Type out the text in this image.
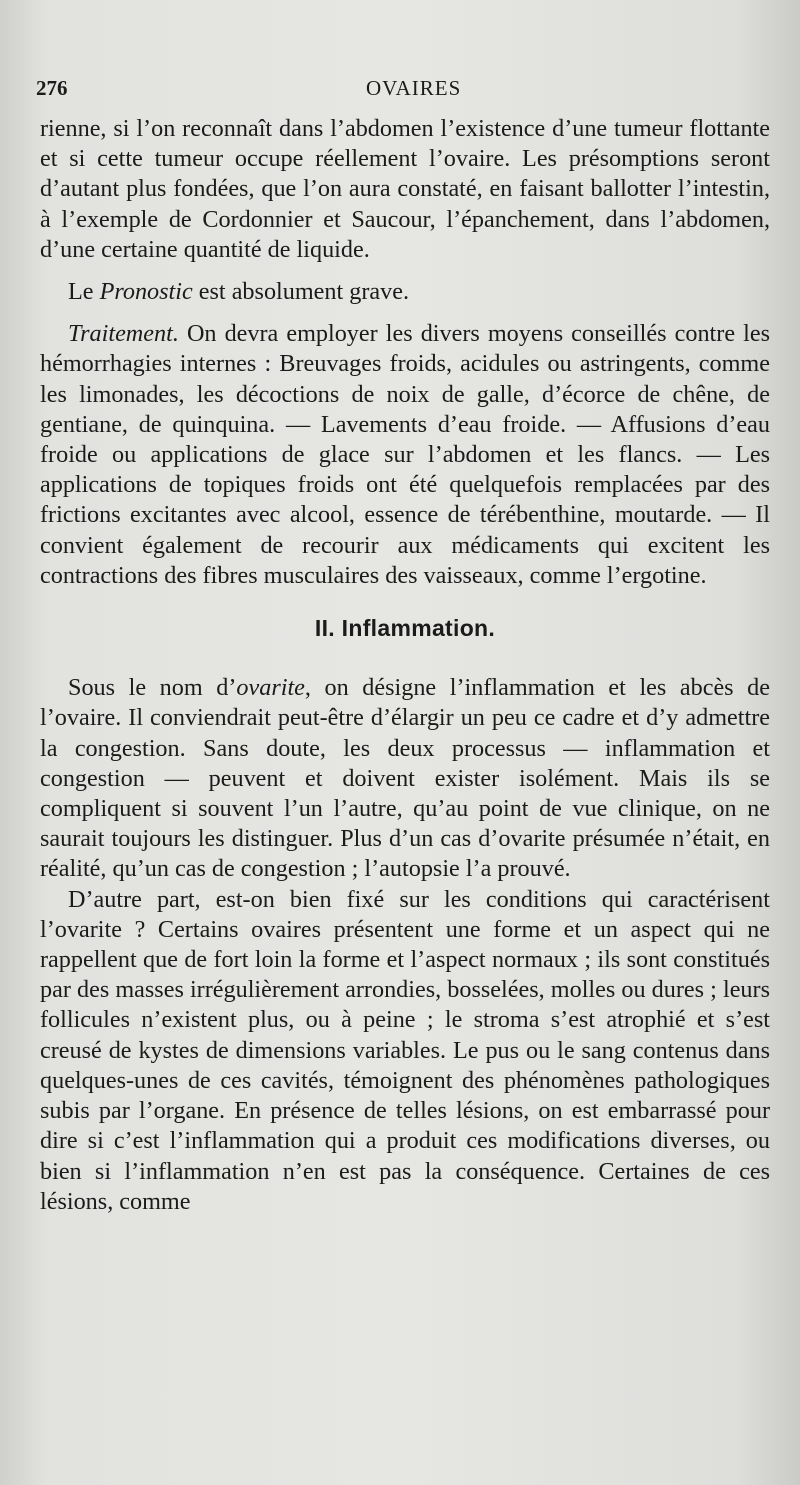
276	OVAIRES

rienne, si l’on reconnaît dans l’abdomen l’existence d’une tumeur flottante et si cette tumeur occupe réellement l’ovaire. Les présomptions seront d’autant plus fondées, que l’on aura constaté, en faisant ballotter l’intestin, à l’exemple de Cordonnier et Saucour, l’épanchement, dans l’abdomen, d’une certaine quantité de liquide.

Le Pronostic est absolument grave.

Traitement. On devra employer les divers moyens conseillés contre les hémorrhagies internes : Breuvages froids, acidules ou astringents, comme les limonades, les décoctions de noix de galle, d’écorce de chêne, de gentiane, de quinquina. — Lavements d’eau froide. — Affusions d’eau froide ou applications de glace sur l’abdomen et les flancs. — Les applications de topiques froids ont été quelquefois remplacées par des frictions excitantes avec alcool, essence de térébenthine, moutarde. — Il convient également de recourir aux médicaments qui excitent les contractions des fibres musculaires des vaisseaux, comme l’ergotine.

II. Inflammation.

Sous le nom d’ovarite, on désigne l’inflammation et les abcès de l’ovaire. Il conviendrait peut-être d’élargir un peu ce cadre et d’y admettre la congestion. Sans doute, les deux processus — inflammation et congestion — peuvent et doivent exister isolément. Mais ils se compliquent si souvent l’un l’autre, qu’au point de vue clinique, on ne saurait toujours les distinguer. Plus d’un cas d’ovarite présumée n’était, en réalité, qu’un cas de congestion ; l’autopsie l’a prouvé.

D’autre part, est-on bien fixé sur les conditions qui caractérisent l’ovarite ? Certains ovaires présentent une forme et un aspect qui ne rappellent que de fort loin la forme et l’aspect normaux ; ils sont constitués par des masses irrégulièrement arrondies, bosselées, molles ou dures ; leurs follicules n’existent plus, ou à peine ; le stroma s’est atrophié et s’est creusé de kystes de dimensions variables. Le pus ou le sang contenus dans quelques-unes de ces cavités, témoignent des phénomènes pathologiques subis par l’organe. En présence de telles lésions, on est embarrassé pour dire si c’est l’inflammation qui a produit ces modifications diverses, ou bien si l’inflammation n’en est pas la conséquence. Certaines de ces lésions, comme
